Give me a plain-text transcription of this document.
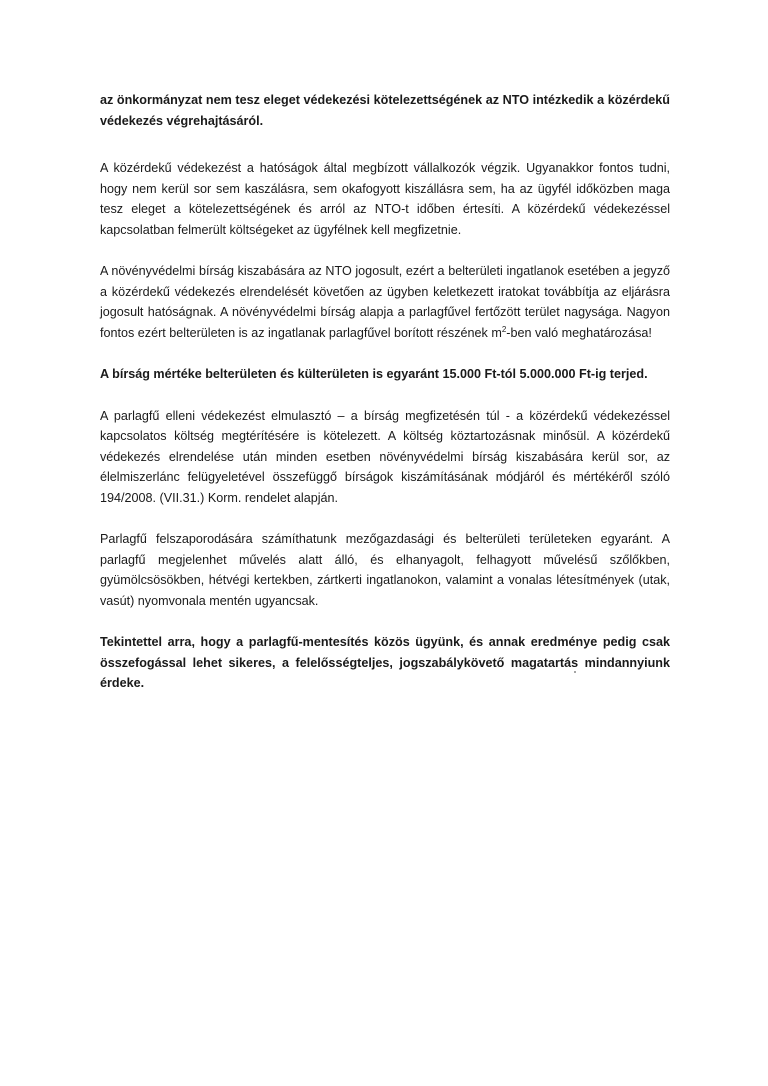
az önkormányzat nem tesz eleget védekezési kötelezettségének az NTO intézkedik a közérdekű védekezés végrehajtásáról.

A közérdekű védekezést a hatóságok által megbízott vállalkozók végzik. Ugyanakkor fontos tudni, hogy nem kerül sor sem kaszálásra, sem okafogyott kiszállásra sem, ha az ügyfél időközben maga tesz eleget a kötelezettségének és arról az NTO-t időben értesíti. A közérdekű védekezéssel kapcsolatban felmerült költségeket az ügyfélnek kell megfizetnie.

A növényvédelmi bírság kiszabására az NTO jogosult, ezért a belterületi ingatlanok esetében a jegyző a közérdekű védekezés elrendelését követően az ügyben keletkezett iratokat továbbítja az eljárásra jogosult hatóságnak. A növényvédelmi bírság alapja a parlagfűvel fertőzött terület nagysága. Nagyon fontos ezért belterületen is az ingatlanak parlagfűvel borított részének $m^2$-ben való meghatározása!

A bírság mértéke belterületen és külterületen is egyaránt 15.000 Ft-tól 5.000.000 Ft-ig terjed.

A parlagfű elleni védekezést elmulasztó – a bírság megfizetésén túl - a közérdekű védekezéssel kapcsolatos költség megtérítésére is kötelezett. A költség köztartozásnak minősül. A közérdekű védekezés elrendelése után minden esetben növényvédelmi bírság kiszabására kerül sor, az élelmiszerlánc felügyeletével összefüggő bírságok kiszámításának módjáról és mértékéről szóló 194/2008. (VII.31.) Korm. rendelet alapján.

Parlagfű felszaporodására számíthatunk mezőgazdasági és belterületi területeken egyaránt. A parlagfű megjelenhet művelés alatt álló, és elhanyagolt, felhagyott művelésű szőlőkben, gyümölcsösökben, hétvégi kertekben, zártkerti ingatlanokon, valamint a vonalas létesítmények (utak, vasút) nyomvonala mentén ugyancsak.

Tekintettel arra, hogy a parlagfű-mentesítés közös ügyünk, és annak eredménye pedig csak összefogással lehet sikeres, a felelősségteljes, jogszabálykövető magatartás mindannyiunk érdeke.
